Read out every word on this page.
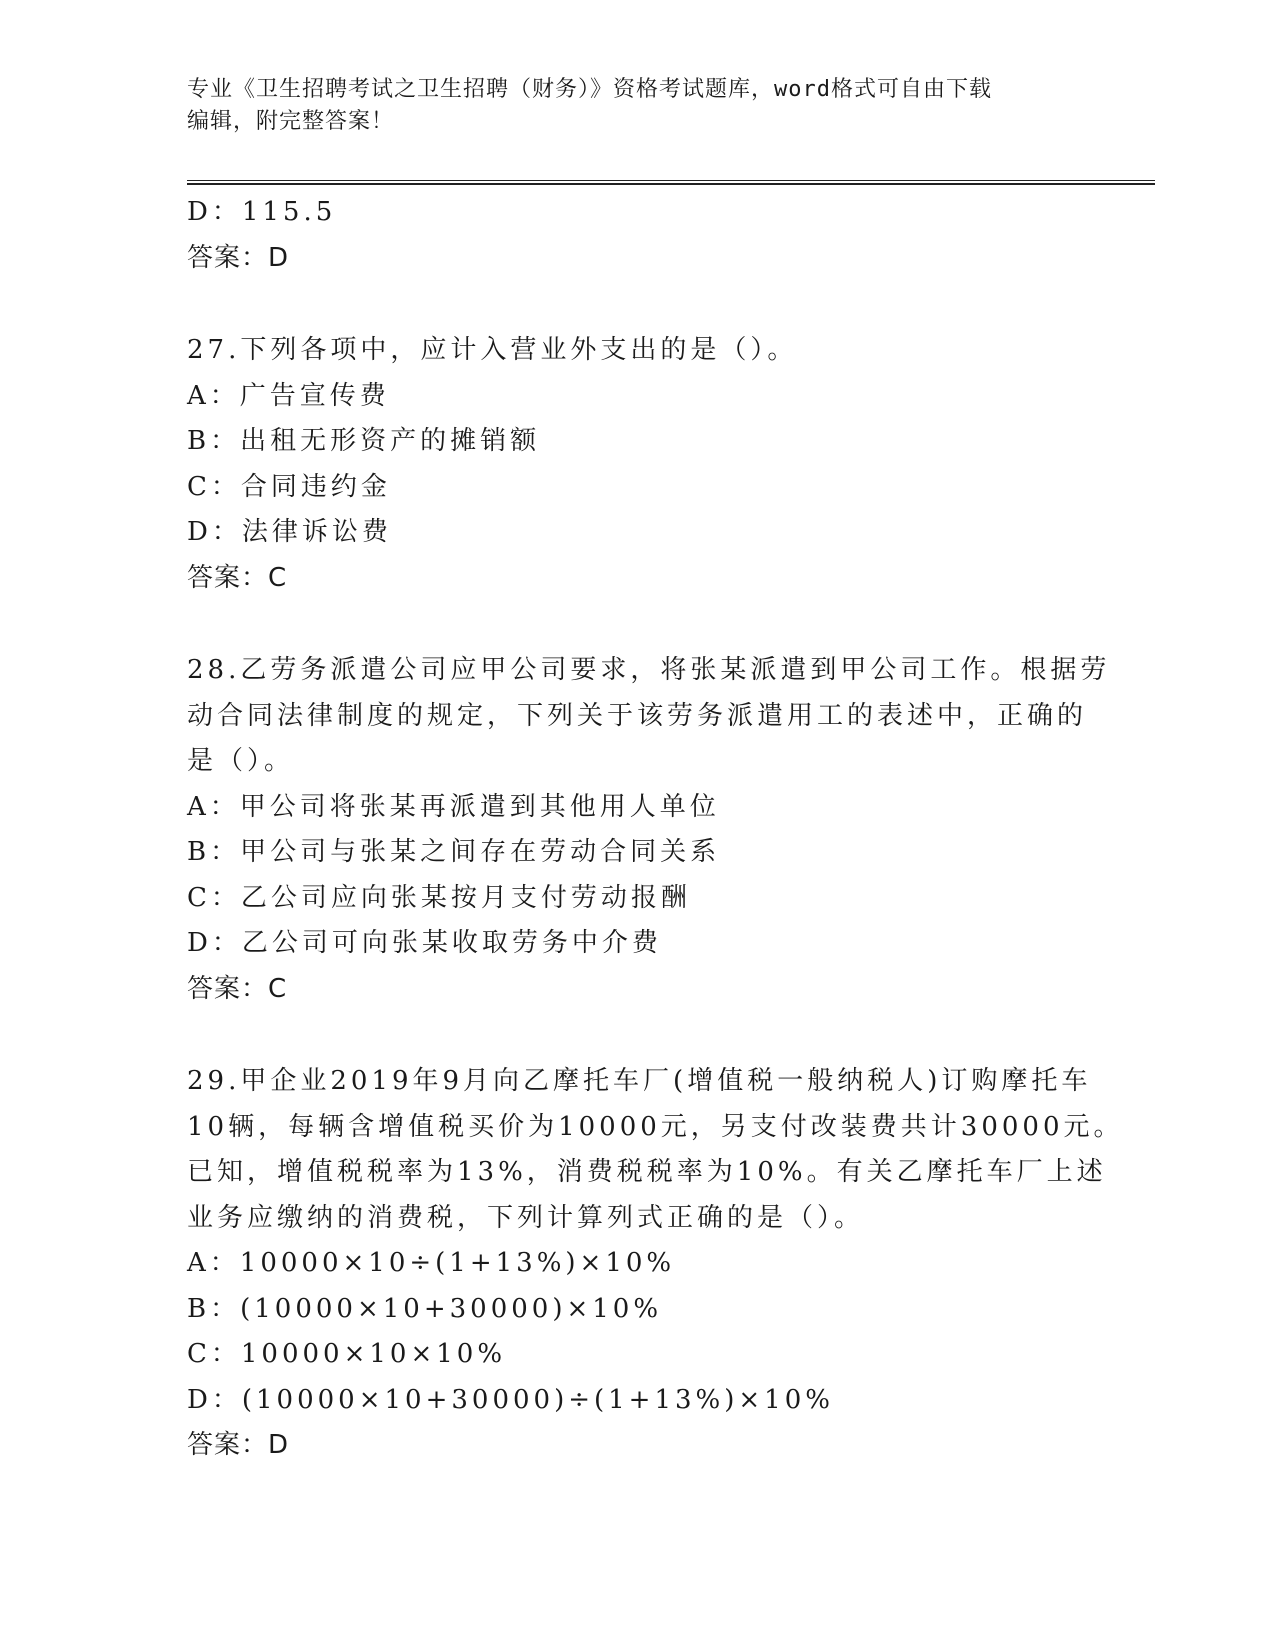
专业《卫生招聘考试之卫生招聘（财务）》资格考试题库，word格式可自由下载
编辑，附完整答案！
D：115.5
答案：D
27.下列各项中，应计入营业外支出的是（）。
A：广告宣传费
B：出租无形资产的摊销额
C：合同违约金
D：法律诉讼费
答案：C
28.乙劳务派遣公司应甲公司要求，将张某派遣到甲公司工作。根据劳
动合同法律制度的规定，下列关于该劳务派遣用工的表述中，正确的
是（）。
A：甲公司将张某再派遣到其他用人单位
B：甲公司与张某之间存在劳动合同关系
C：乙公司应向张某按月支付劳动报酬
D：乙公司可向张某收取劳务中介费
答案：C
29.甲企业2019年9月向乙摩托车厂(增值税一般纳税人)订购摩托车
10辆，每辆含增值税买价为10000元，另支付改装费共计30000元。
已知，增值税税率为13%，消费税税率为10%。有关乙摩托车厂上述
业务应缴纳的消费税，下列计算列式正确的是（）。
A：10000×10÷(1+13%)×10%
B：(10000×10+30000)×10%
C：10000×10×10%
D：(10000×10+30000)÷(1+13%)×10%
答案：D
